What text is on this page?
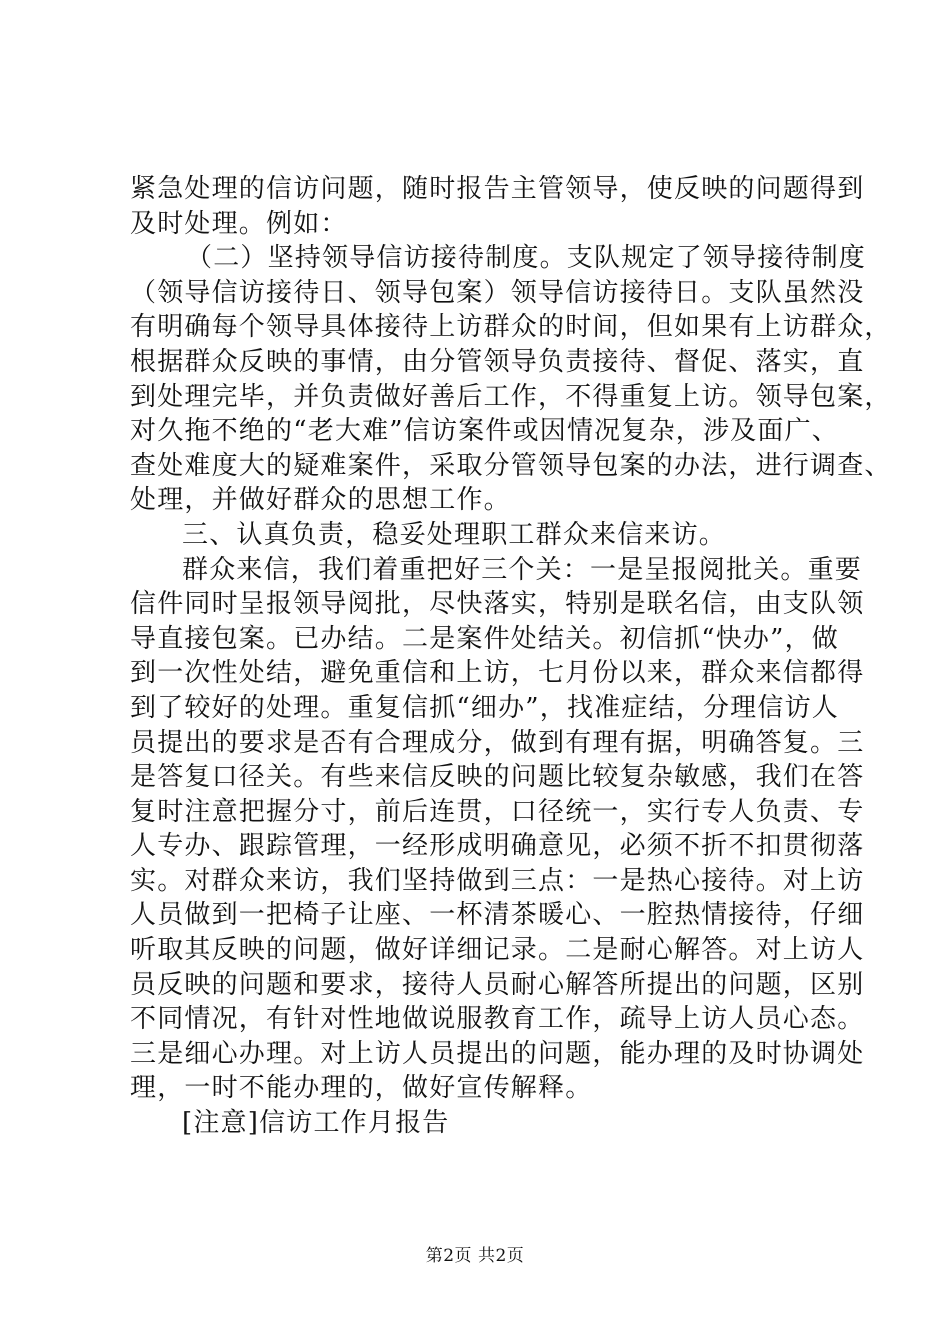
紧急处理的信访问题，随时报告主管领导，使反映的问题得到
及时处理。例如：
（二）坚持领导信访接待制度。支队规定了领导接待制度
（领导信访接待日、领导包案）领导信访接待日。支队虽然没
有明确每个领导具体接待上访群众的时间，但如果有上访群众，
根据群众反映的事情，由分管领导负责接待、督促、落实，直
到处理完毕，并负责做好善后工作，不得重复上访。领导包案，
对久拖不绝的“老大难”信访案件或因情况复杂，涉及面广、
查处难度大的疑难案件，采取分管领导包案的办法，进行调查、
处理，并做好群众的思想工作。
三、认真负责，稳妥处理职工群众来信来访。
群众来信，我们着重把好三个关：一是呈报阅批关。重要
信件同时呈报领导阅批，尽快落实，特别是联名信，由支队领
导直接包案。已办结。二是案件处结关。初信抓“快办”，做
到一次性处结，避免重信和上访，七月份以来，群众来信都得
到了较好的处理。重复信抓“细办”，找准症结，分理信访人
员提出的要求是否有合理成分，做到有理有据，明确答复。三
是答复口径关。有些来信反映的问题比较复杂敏感，我们在答
复时注意把握分寸，前后连贯，口径统一，实行专人负责、专
人专办、跟踪管理，一经形成明确意见，必须不折不扣贯彻落
实。对群众来访，我们坚持做到三点：一是热心接待。对上访
人员做到一把椅子让座、一杯清茶暖心、一腔热情接待，仔细
听取其反映的问题，做好详细记录。二是耐心解答。对上访人
员反映的问题和要求，接待人员耐心解答所提出的问题，区别
不同情况，有针对性地做说服教育工作，疏导上访人员心态。
三是细心办理。对上访人员提出的问题，能办理的及时协调处
理，一时不能办理的，做好宣传解释。
[注意]信访工作月报告
第2页 共2页
